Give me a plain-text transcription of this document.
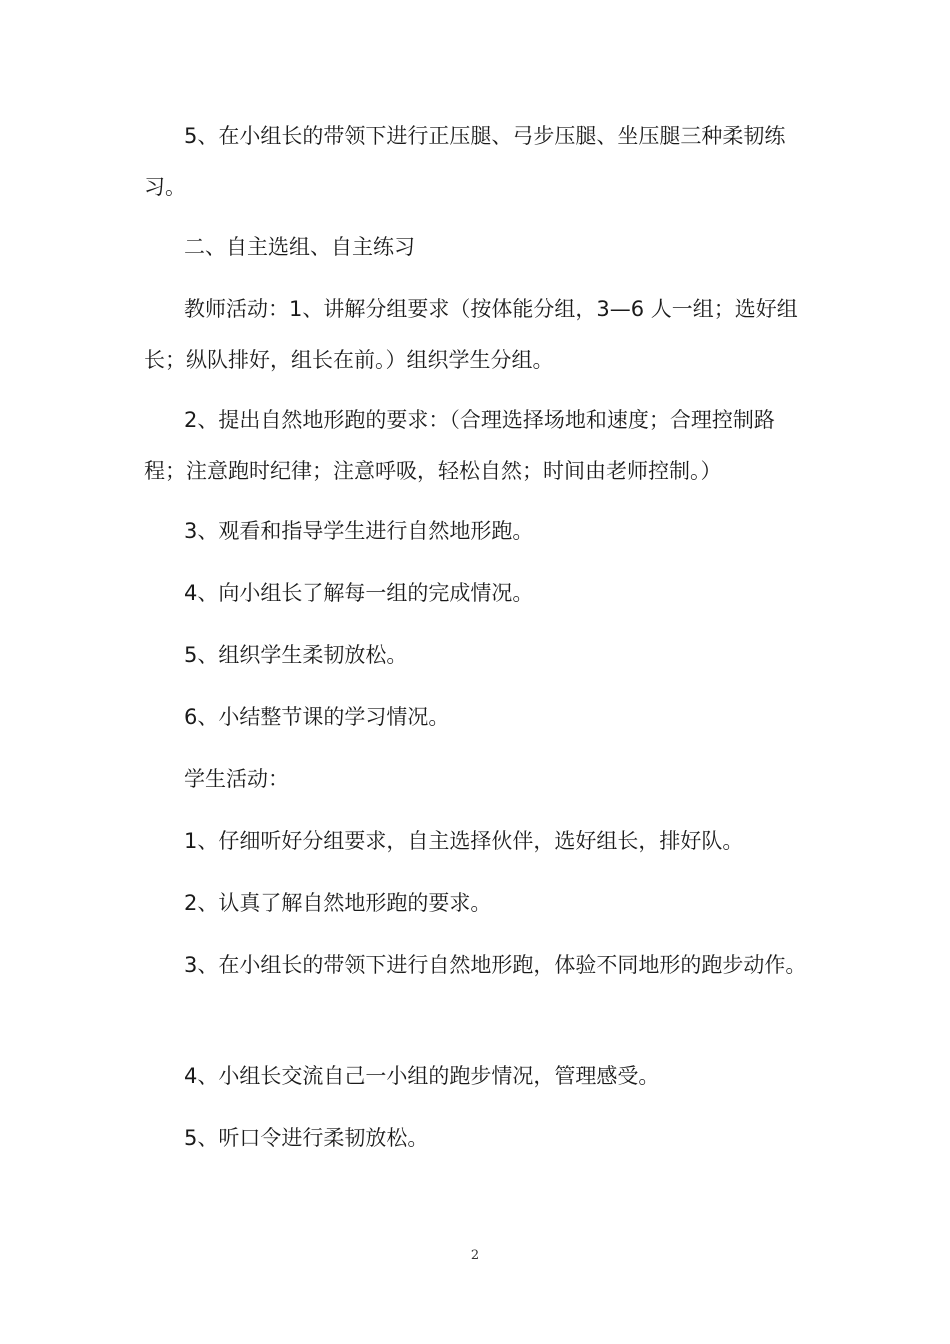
5、在小组长的带领下进行正压腿、弓步压腿、坐压腿三种柔韧练习。

二、自主选组、自主练习

教师活动：1、讲解分组要求（按体能分组，3—6 人一组；选好组长；纵队排好，组长在前。）组织学生分组。

2、提出自然地形跑的要求：（合理选择场地和速度；合理控制路程；注意跑时纪律；注意呼吸，轻松自然；时间由老师控制。）

3、观看和指导学生进行自然地形跑。

4、向小组长了解每一组的完成情况。

5、组织学生柔韧放松。

6、小结整节课的学习情况。

学生活动：

1、仔细听好分组要求，自主选择伙伴，选好组长，排好队。

2、认真了解自然地形跑的要求。

3、在小组长的带领下进行自然地形跑，体验不同地形的跑步动作。

4、小组长交流自己一小组的跑步情况，管理感受。

5、听口令进行柔韧放松。

2
